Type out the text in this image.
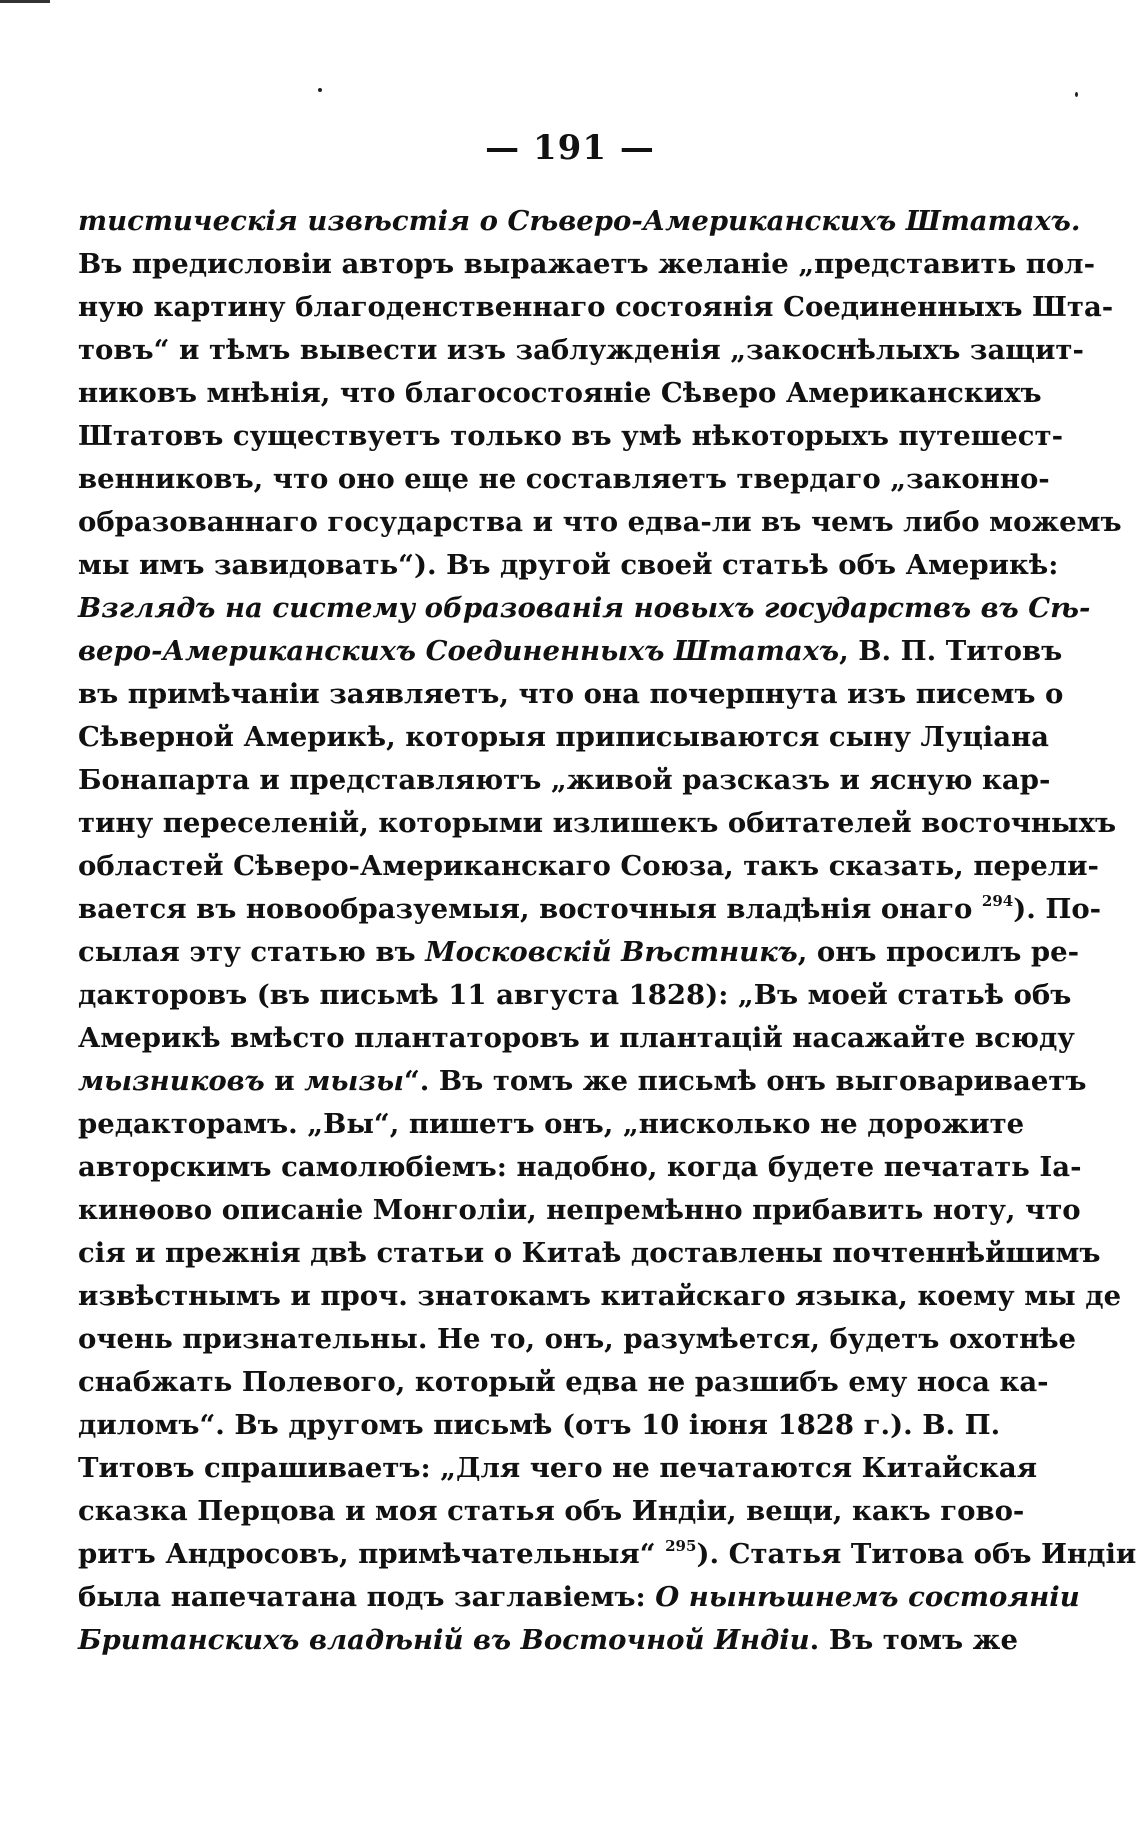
— 191 —
тистическія извѣстія о Сѣверо-Американскихъ Штатахъ.
Въ предисловіи авторъ выражаетъ желаніе „представить пол-
ную картину благоденственнаго состоянія Соединенныхъ Шта-
товъ“ и тѣмъ вывести изъ заблужденія „закоснѣлыхъ защит-
никовъ мнѣнія, что благосостояніе Сѣверо Американскихъ
Штатовъ существуетъ только въ умѣ нѣкоторыхъ путешест-
венниковъ, что оно еще не составляетъ твердаго „законно-
образованнаго государства и что едва-ли въ чемъ либо можемъ
мы имъ завидовать“). Въ другой своей статьѣ объ Америкѣ:
Взглядъ на систему образованія новыхъ государствъ въ Сѣ-
веро-Американскихъ Соединенныхъ Штатахъ, В. П. Титовъ
въ примѣчаніи заявляетъ, что она почерпнута изъ писемъ о
Сѣверной Америкѣ, которыя приписываются сыну Луціана
Бонапарта и представляютъ „живой разсказъ и ясную кар-
тину переселеній, которыми излишекъ обитателей восточныхъ
областей Сѣверо-Американскаго Союза, такъ сказать, перели-
вается въ новообразуемыя, восточныя владѣнія онаго $^{294}$). По-
сылая эту статью въ Московскій Вѣстникъ, онъ просилъ ре-
дакторовъ (въ письмѣ 11 августа 1828): „Въ моей статьѣ объ
Америкѣ вмѣсто плантаторовъ и плантацій насажайте всюду
мызниковъ и мызы“. Въ томъ же письмѣ онъ выговариваетъ
редакторамъ. „Вы“, пишетъ онъ, „нисколько не дорожите
авторскимъ самолюбіемъ: надобно, когда будете печатать Іа-
кинѳово описаніе Монголіи, непремѣнно прибавить ноту, что
сія и прежнія двѣ статьи о Китаѣ доставлены почтеннѣйшимъ
извѣстнымъ и проч. знатокамъ китайскаго языка, коему мы де
очень признательны. Не то, онъ, разумѣется, будетъ охотнѣе
снабжать Полевого, который едва не разшибъ ему носа ка-
диломъ“. Въ другомъ письмѣ (отъ 10 іюня 1828 г.). В. П.
Титовъ спрашиваетъ: „Для чего не печатаются Китайская
сказка Перцова и моя статья объ Индіи, вещи, какъ гово-
ритъ Андросовъ, примѣчательныя“ $^{295}$). Статья Титова объ Индіи
была напечатана подъ заглавіемъ: О нынѣшнемъ состояніи
Британскихъ владѣній въ Восточной Индіи. Въ томъ же
